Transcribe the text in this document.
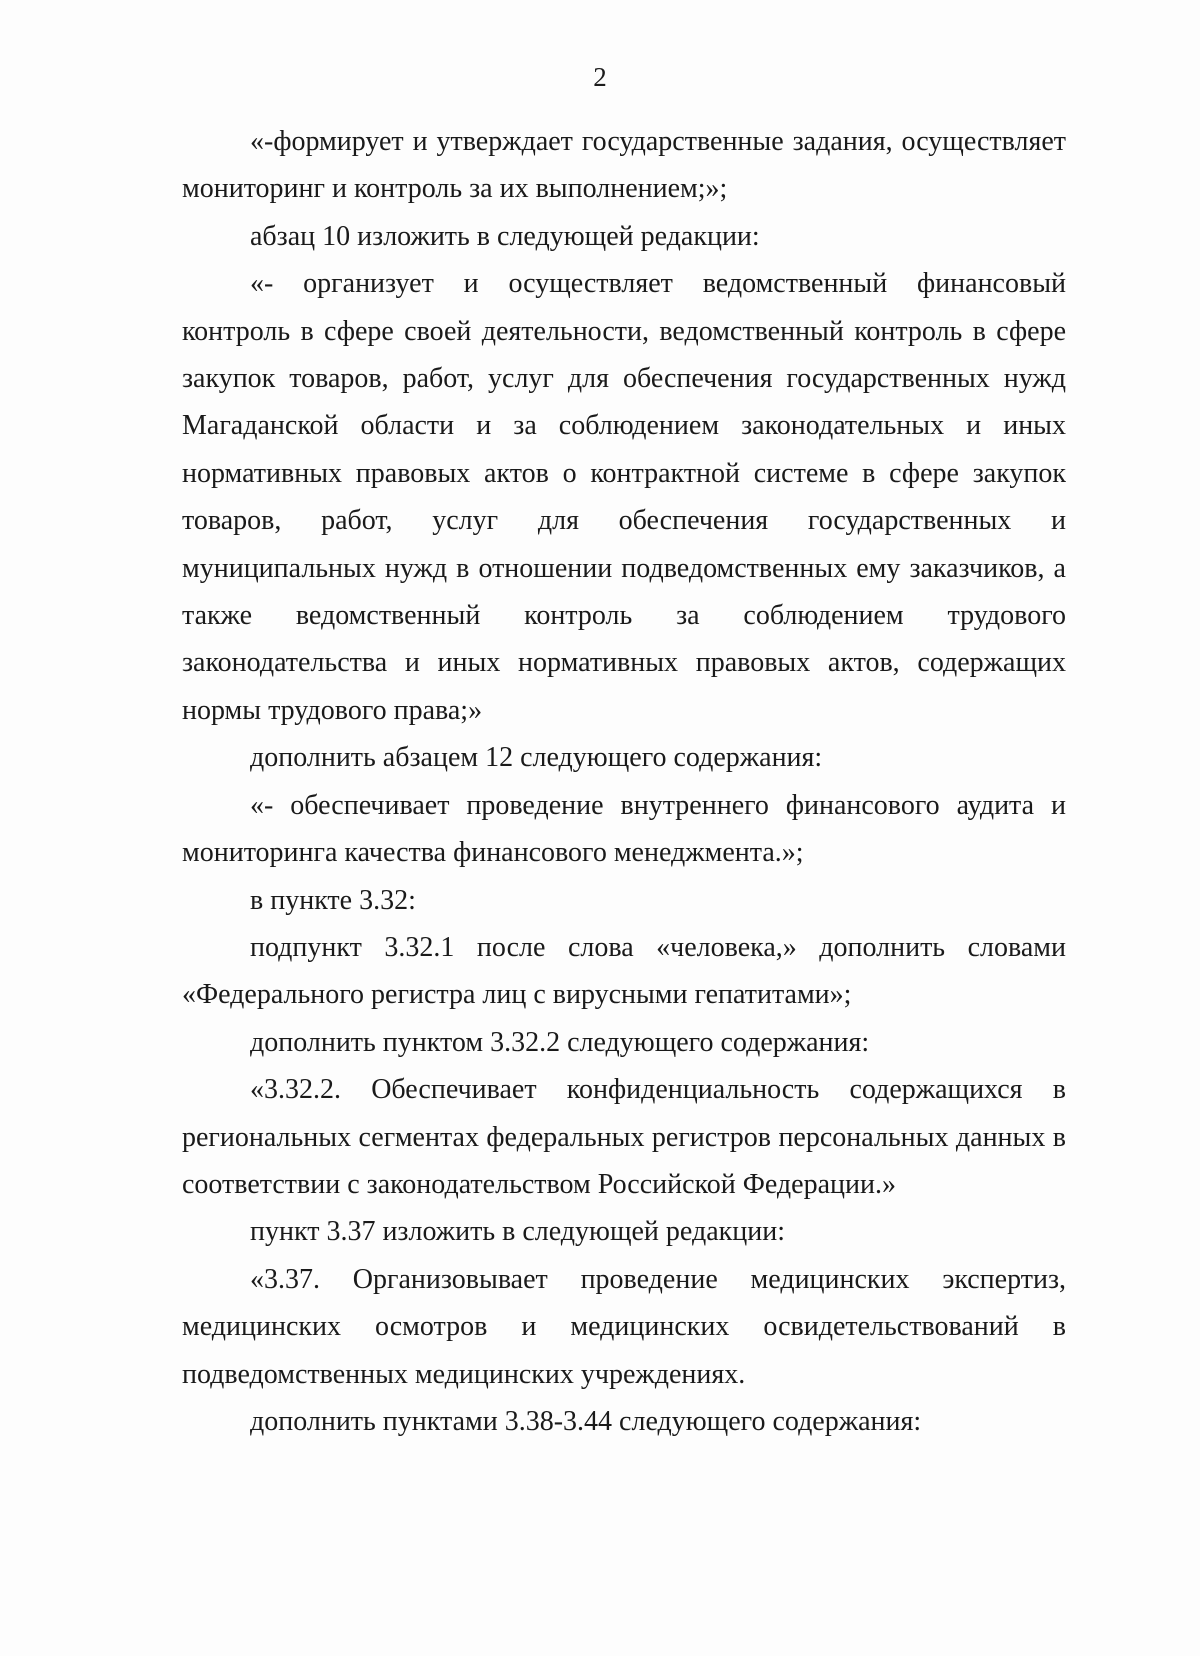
2

«-формирует и утверждает государственные задания, осуществляет мониторинг и контроль за их выполнением;»;

абзац 10 изложить в следующей редакции:

«- организует и осуществляет ведомственный финансовый контроль в сфере своей деятельности, ведомственный контроль в сфере закупок товаров, работ, услуг для обеспечения государственных нужд Магаданской области и за соблюдением законодательных и иных нормативных правовых актов о контрактной системе в сфере закупок товаров, работ, услуг для обеспечения государственных и муниципальных нужд в отношении подведомственных ему заказчиков, а также ведомственный контроль за соблюдением трудового законодательства и иных нормативных правовых актов, содержащих нормы трудового права;»

дополнить абзацем 12 следующего содержания:

«- обеспечивает проведение внутреннего финансового аудита и мониторинга качества финансового менеджмента.»;

в пункте 3.32:

подпункт 3.32.1 после слова «человека,» дополнить словами «Федерального регистра лиц с вирусными гепатитами»;

дополнить пунктом 3.32.2 следующего содержания:

«3.32.2. Обеспечивает конфиденциальность содержащихся в региональных сегментах федеральных регистров персональных данных в соответствии с законодательством Российской Федерации.»

пункт 3.37 изложить в следующей редакции:

«3.37. Организовывает проведение медицинских экспертиз, медицинских осмотров и медицинских освидетельствований в подведомственных медицинских учреждениях.

дополнить пунктами 3.38-3.44 следующего содержания:
